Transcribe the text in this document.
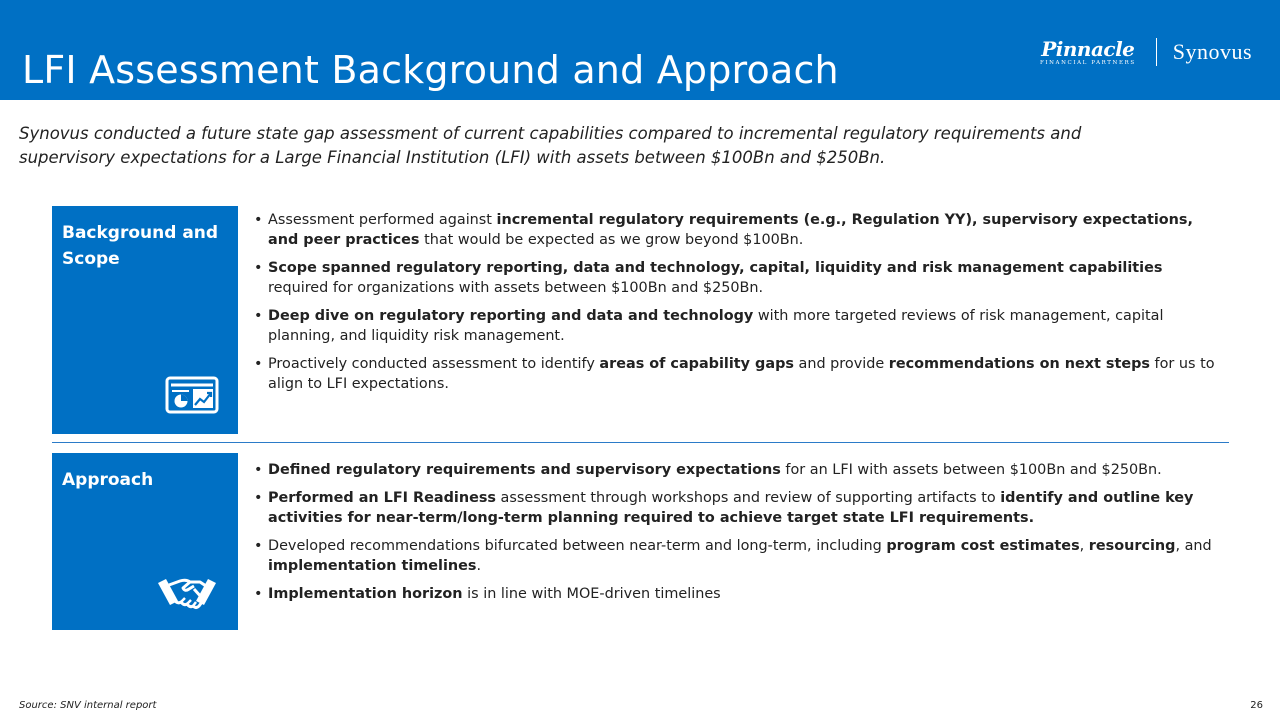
LFI Assessment Background and Approach	Pinnacle
FINANCIAL PARTNERS Synovus

Synovus conducted a future state gap assessment of current capabilities compared to incremental regulatory requirements and supervisory expectations for a Large Financial Institution (LFI) with assets between $100Bn and $250Bn.

Background and Scope
• Assessment performed against incremental regulatory requirements (e.g., Regulation YY), supervisory expectations, and peer practices that would be expected as we grow beyond $100Bn.
• Scope spanned regulatory reporting, data and technology, capital, liquidity and risk management capabilities required for organizations with assets between $100Bn and $250Bn.
• Deep dive on regulatory reporting and data and technology with more targeted reviews of risk management, capital planning, and liquidity risk management.
• Proactively conducted assessment to identify areas of capability gaps and provide recommendations on next steps for us to align to LFI expectations.
Approach
•	Defined regulatory requirements and supervisory expectations for an LFI with assets between $100Bn and $250Bn.
• Performed an LFI Readiness assessment through workshops and review of supporting artifacts to identify and outline key activities for near-term/long-term planning required to achieve target state LFI requirements.
• Developed recommendations bifurcated between near-term and long-term, including program cost estimates, resourcing, and implementation timelines.
• Implementation horizon is in line with MOE-driven timelines
Source: SNV internal report	26
